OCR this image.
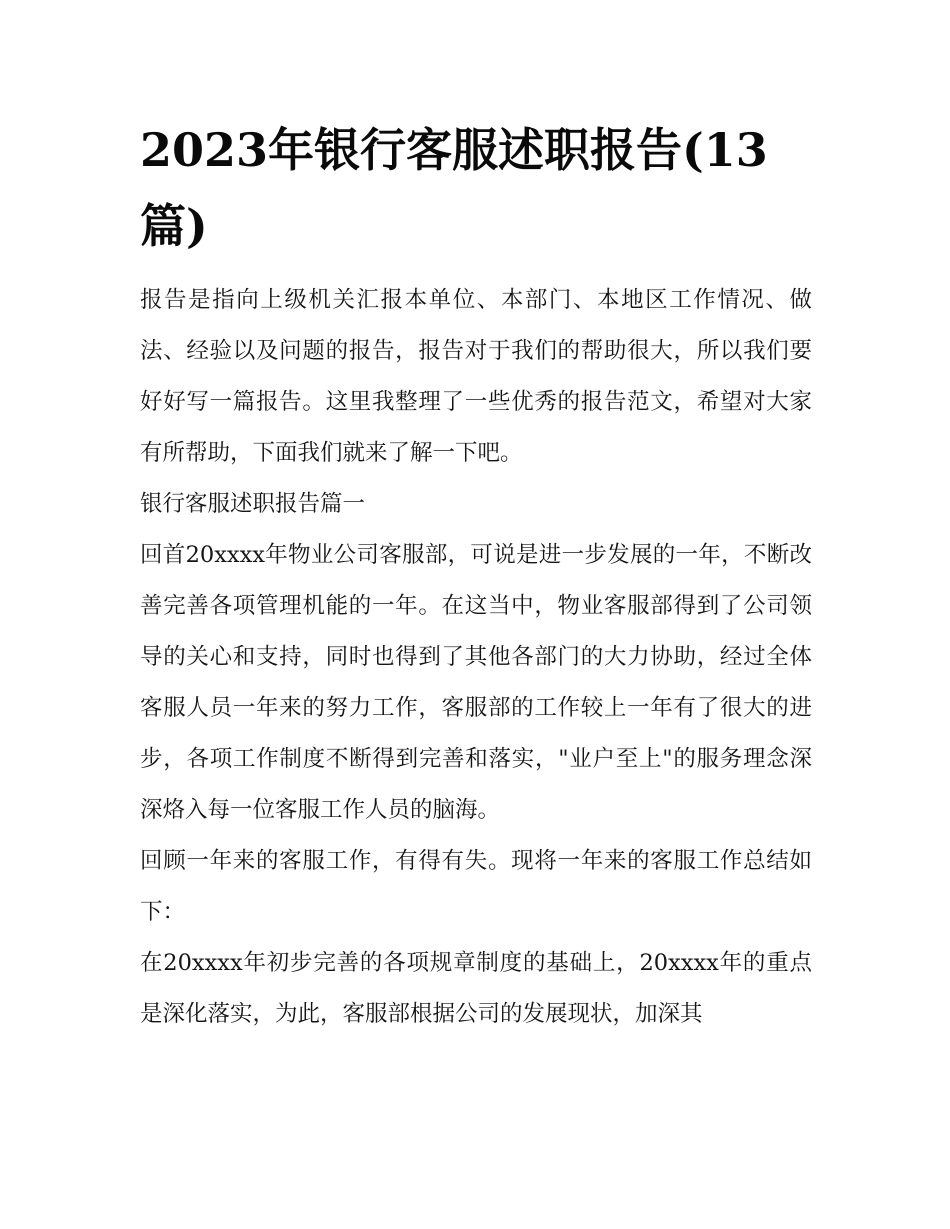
2023年银行客服述职报告(13篇)

报告是指向上级机关汇报本单位、本部门、本地区工作情况、做法、经验以及问题的报告，报告对于我们的帮助很大，所以我们要好好写一篇报告。这里我整理了一些优秀的报告范文，希望对大家有所帮助，下面我们就来了解一下吧。

银行客服述职报告篇一

回首20xxxx年物业公司客服部，可说是进一步发展的一年，不断改善完善各项管理机能的一年。在这当中，物业客服部得到了公司领导的关心和支持，同时也得到了其他各部门的大力协助，经过全体客服人员一年来的努力工作，客服部的工作较上一年有了很大的进步，各项工作制度不断得到完善和落实，"业户至上"的服务理念深深烙入每一位客服工作人员的脑海。

回顾一年来的客服工作，有得有失。现将一年来的客服工作总结如下：

在20xxxx年初步完善的各项规章制度的基础上，20xxxx年的重点是深化落实，为此，客服部根据公司的发展现状，加深其
